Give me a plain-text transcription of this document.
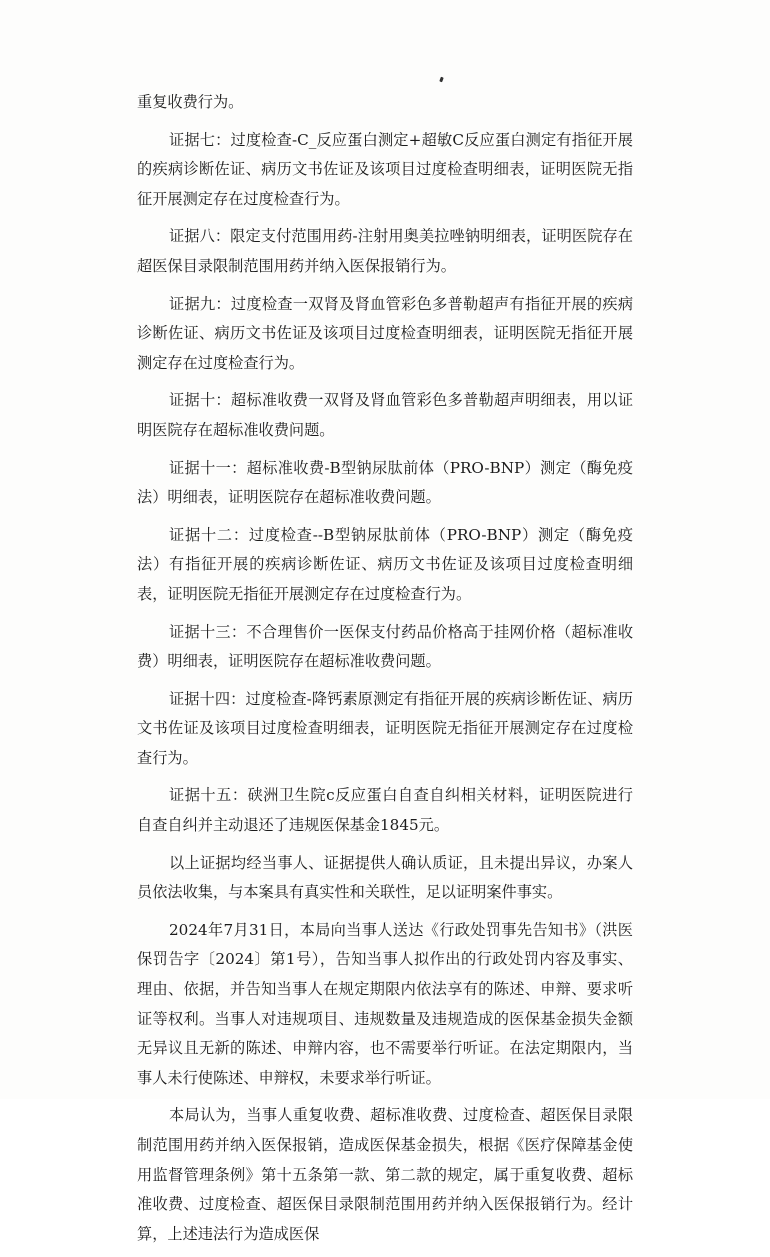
重复收费行为。

证据七：过度检查-C_反应蛋白测定+超敏C反应蛋白测定有指征开展的疾病诊断佐证、病历文书佐证及该项目过度检查明细表，证明医院无指征开展测定存在过度检查行为。

证据八：限定支付范围用药-注射用奥美拉唑钠明细表，证明医院存在超医保目录限制范围用药并纳入医保报销行为。

证据九：过度检查一双肾及肾血管彩色多普勒超声有指征开展的疾病诊断佐证、病历文书佐证及该项目过度检查明细表，证明医院无指征开展测定存在过度检查行为。

证据十：超标准收费一双肾及肾血管彩色多普勒超声明细表，用以证明医院存在超标准收费问题。

证据十一：超标准收费-B型钠尿肽前体（PRO-BNP）测定（酶免疫法）明细表，证明医院存在超标准收费问题。

证据十二：过度检查--B型钠尿肽前体（PRO-BNP）测定（酶免疫法）有指征开展的疾病诊断佐证、病历文书佐证及该项目过度检查明细表，证明医院无指征开展测定存在过度检查行为。

证据十三：不合理售价一医保支付药品价格高于挂网价格（超标准收费）明细表，证明医院存在超标准收费问题。

证据十四：过度检查-降钙素原测定有指征开展的疾病诊断佐证、病历文书佐证及该项目过度检查明细表，证明医院无指征开展测定存在过度检查行为。

证据十五：硖洲卫生院c反应蛋白自查自纠相关材料，证明医院进行自查自纠并主动退还了违规医保基金1845元。

以上证据均经当事人、证据提供人确认质证，且未提出异议，办案人员依法收集，与本案具有真实性和关联性，足以证明案件事实。

2024年7月31日，本局向当事人送达《行政处罚事先告知书》（洪医保罚告字〔2024〕第1号），告知当事人拟作出的行政处罚内容及事实、理由、依据，并告知当事人在规定期限内依法享有的陈述、申辩、要求听证等权利。当事人对违规项目、违规数量及违规造成的医保基金损失金额无异议且无新的陈述、申辩内容，也不需要举行听证。在法定期限内，当事人未行使陈述、申辩权，未要求举行听证。

本局认为，当事人重复收费、超标准收费、过度检查、超医保目录限制范围用药并纳入医保报销，造成医保基金损失，根据《医疗保障基金使用监督管理条例》第十五条第一款、第二款的规定，属于重复收费、超标准收费、过度检查、超医保目录限制范围用药并纳入医保报销行为。经计算，上述违法行为造成医保
